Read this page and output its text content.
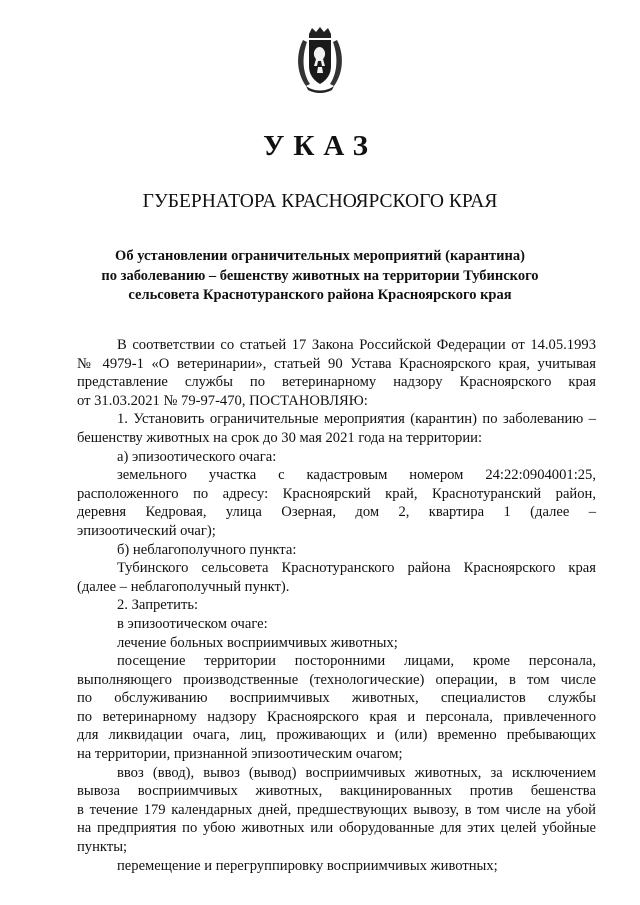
УКАЗ
ГУБЕРНАТОРА КРАСНОЯРСКОГО КРАЯ
Об установлении ограничительных мероприятий (карантина)
по заболеванию – бешенству животных на территории Тубинского
сельсовета Краснотуранского района Красноярского края
В соответствии со статьей 17 Закона Российской Федерации от 14.05.1993
№ 4979-1 «О ветеринарии», статьей 90 Устава Красноярского края, учитывая
представление службы по ветеринарному надзору Красноярского края
от 31.03.2021 № 79-97-470, ПОСТАНОВЛЯЮ:
1. Установить ограничительные мероприятия (карантин) по заболеванию –
бешенству животных на срок до 30 мая 2021 года на территории:
а) эпизоотического очага:
земельного участка с кадастровым номером 24:22:0904001:25,
расположенного по адресу: Красноярский край, Краснотуранский район,
деревня Кедровая, улица Озерная, дом 2, квартира 1 (далее –
эпизоотический очаг);
б) неблагополучного пункта:
Тубинского сельсовета Краснотуранского района Красноярского края
(далее – неблагополучный пункт).
2. Запретить:
в эпизоотическом очаге:
лечение больных восприимчивых животных;
посещение территории посторонними лицами, кроме персонала,
выполняющего производственные (технологические) операции, в том числе
по обслуживанию восприимчивых животных, специалистов службы
по ветеринарному надзору Красноярского края и персонала, привлеченного
для ликвидации очага, лиц, проживающих и (или) временно пребывающих
на территории, признанной эпизоотическим очагом;
ввоз (ввод), вывоз (вывод) восприимчивых животных, за исключением
вывоза восприимчивых животных, вакцинированных против бешенства
в течение 179 календарных дней, предшествующих вывозу, в том числе на убой
на предприятия по убою животных или оборудованные для этих целей убойные
пункты;
перемещение и перегруппировку восприимчивых животных;
